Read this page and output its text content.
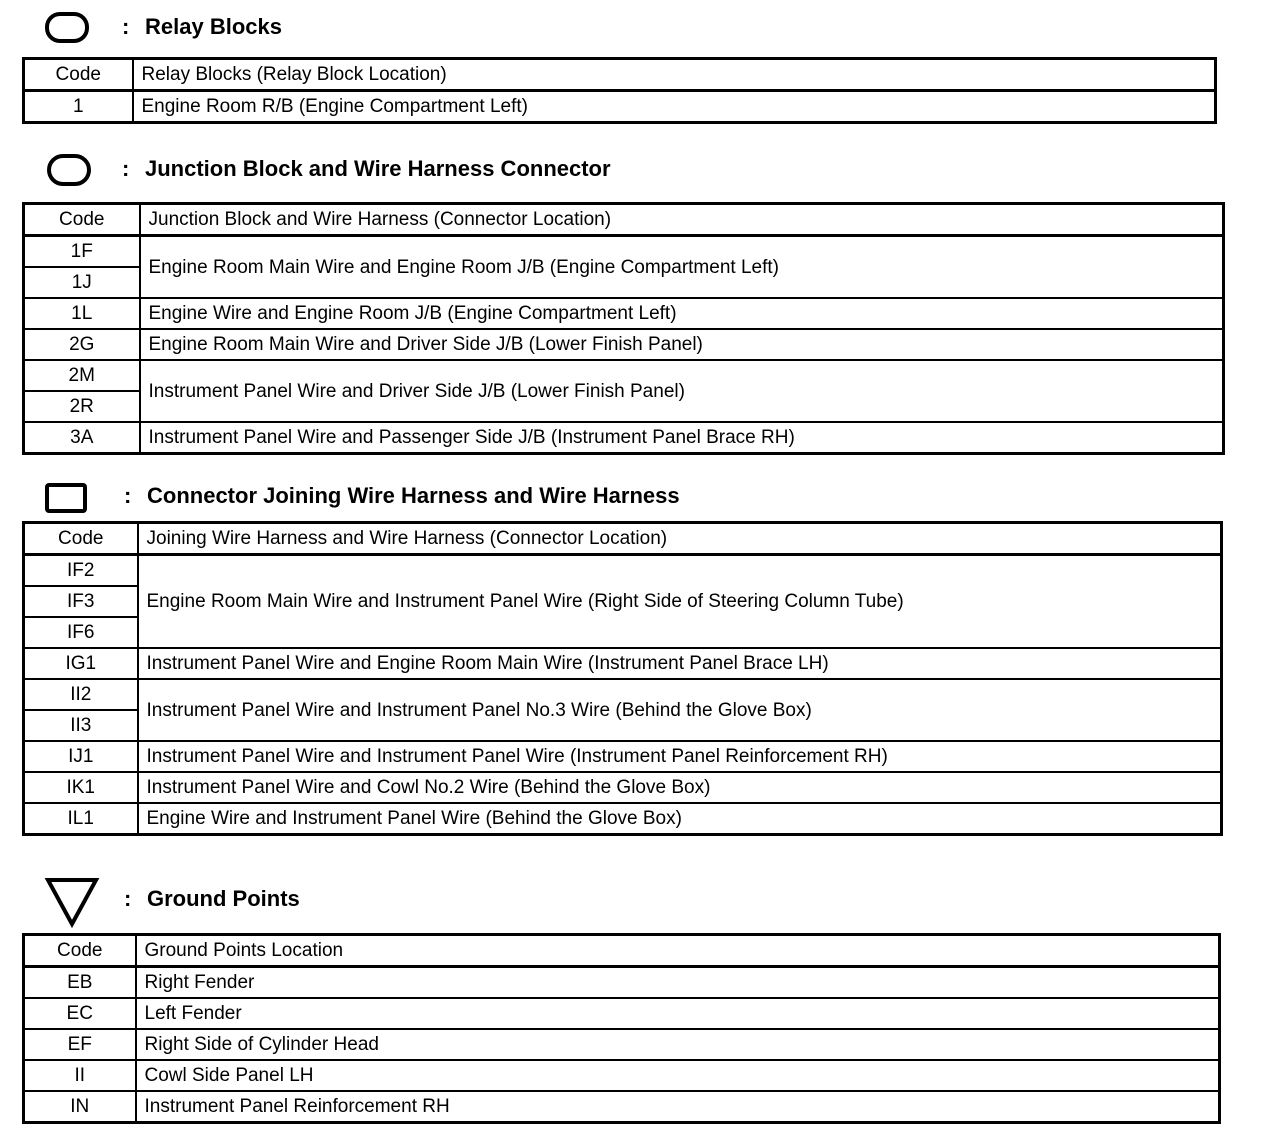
: Relay Blocks
Code	Relay Blocks (Relay Block Location)
1	Engine Room R/B (Engine Compartment Left)
: Junction Block and Wire Harness Connector
Code	Junction Block and Wire Harness (Connector Location)
1F	Engine Room Main Wire and Engine Room J/B (Engine Compartment Left)
1J	
1L	Engine Wire and Engine Room J/B (Engine Compartment Left)
2G	Engine Room Main Wire and Driver Side J/B (Lower Finish Panel)
2M	Instrument Panel Wire and Driver Side J/B (Lower Finish Panel)
2R	
3A	Instrument Panel Wire and Passenger Side J/B (Instrument Panel Brace RH)
: Connector Joining Wire Harness and Wire Harness
Code	Joining Wire Harness and Wire Harness (Connector Location)
IF2	Engine Room Main Wire and Instrument Panel Wire (Right Side of Steering Column Tube)
IF3	
IF6	
IG1	Instrument Panel Wire and Engine Room Main Wire (Instrument Panel Brace LH)
II2	Instrument Panel Wire and Instrument Panel No.3 Wire (Behind the Glove Box)
II3	
IJ1	Instrument Panel Wire and Instrument Panel Wire (Instrument Panel Reinforcement RH)
IK1	Instrument Panel Wire and Cowl No.2 Wire (Behind the Glove Box)
IL1	Engine Wire and Instrument Panel Wire (Behind the Glove Box)
: Ground Points
Code	Ground Points Location
EB	Right Fender
EC	Left Fender
EF	Right Side of Cylinder Head
II	Cowl Side Panel LH
IN	Instrument Panel Reinforcement RH
